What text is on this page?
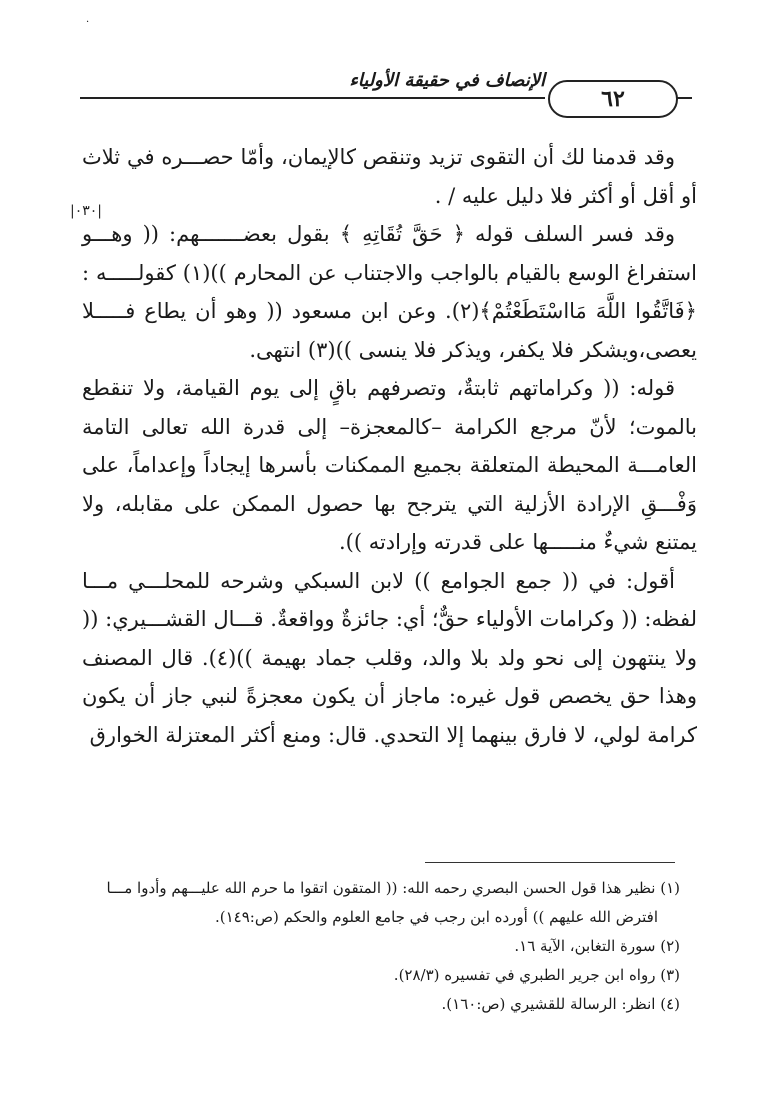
·
الإنصاف في حقيقة الأولياء
٦٢
|٠٣٠|

وقد قدمنا لك أن التقوى تزيد وتنقص كالإيمان، وأمّا حصـــره في ثلاث أو أقل أو أكثر فلا دليل عليه / .

وقد فسر السلف قوله ﴿ حَقَّ تُقَاتِهِ ﴾ بقول بعضـــــــهم: (( وهـــو استفراغ الوسع بالقيام بالواجب والاجتناب عن المحارم ))(١) كقولـــــه : ﴿فَاتَّقُوا اللَّهَ مَااسْتَطَعْتُمْ﴾(٢). وعن ابن مسعود (( وهو أن يطاع فـــــلا يعصى،ويشكر فلا يكفر، ويذكر فلا ينسى ))(٣) انتهى.

قوله: (( وكراماتهم ثابتةٌ، وتصرفهم باقٍ إلى يوم القيامة، ولا تنقطع بالموت؛ لأنّ مرجع الكرامة –كالمعجزة– إلى قدرة الله تعالى التامة العامـــة المحيطة المتعلقة بجميع الممكنات بأسرها إيجاداً وإعداماً، على وَفْـــقِ الإرادة الأزلية التي يترجح بها حصول الممكن على مقابله، ولا يمتنع شيءٌ منـــــها على قدرته وإرادته )).

أقول: في (( جمع الجوامع )) لابن السبكي وشرحه للمحلـــي مـــا لفظه: (( وكرامات الأولياء حقٌّ؛ أي: جائزةٌ وواقعةٌ. قـــال القشـــيري: (( ولا ينتهون إلى نحو ولد بلا والد، وقلب جماد بهيمة ))(٤). قال المصنف وهذا حق يخصص قول غيره: ماجاز أن يكون معجزةً لنبي جاز أن يكون كرامة لولي، لا فارق بينهما إلا التحدي. قال: ومنع أكثر المعتزلة الخوارق

(١) نظير هذا قول الحسن البصري رحمه الله: (( المتقون اتقوا ما حرم الله عليـــهم وأدوا مـــا
افترض الله عليهم )) أورده ابن رجب في جامع العلوم والحكم (ص:١٤٩).
(٢) سورة التغابن، الآية ١٦.
(٣) رواه ابن جرير الطبري في تفسيره (٢٨/٣).
(٤) انظر: الرسالة للقشيري (ص:١٦٠).
